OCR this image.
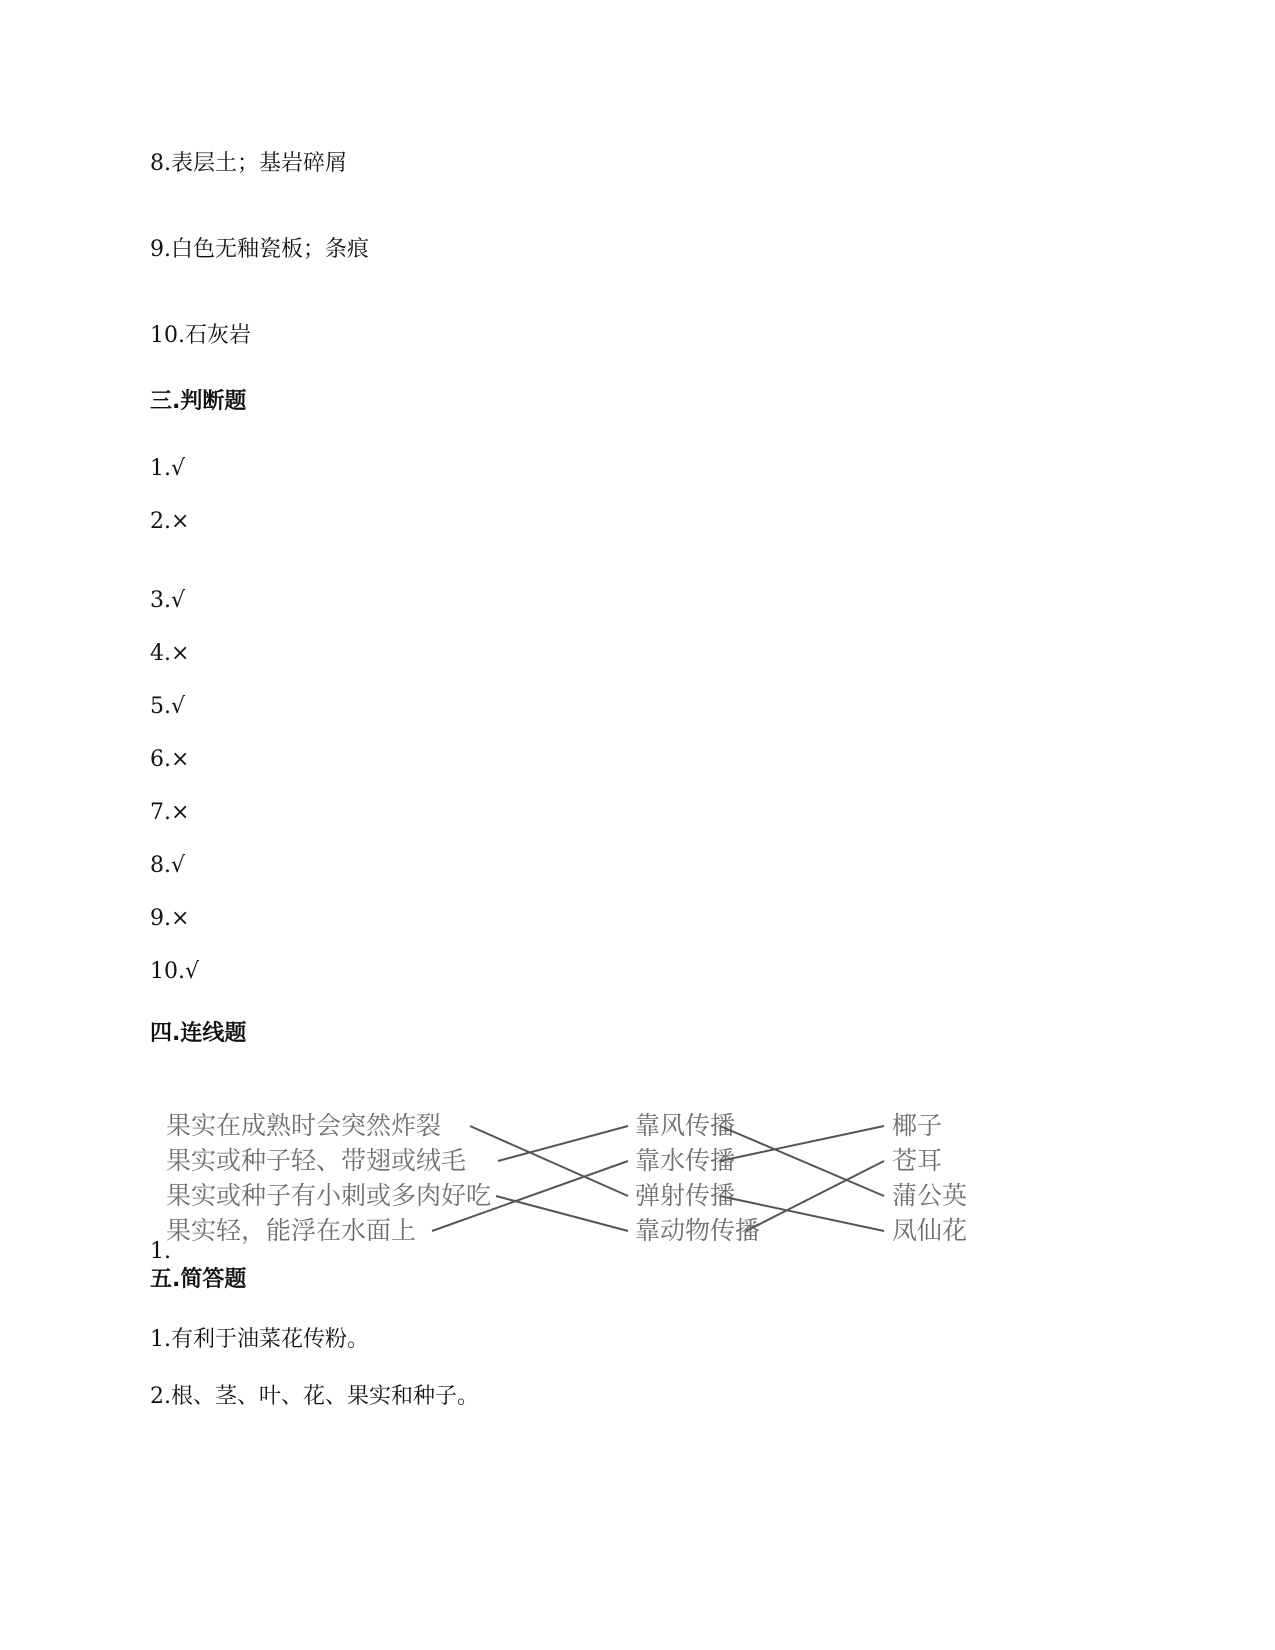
8.表层土；基岩碎屑
9.白色无釉瓷板；条痕
10.石灰岩
三.判断题
1.√
2.×
3.√
4.×
5.√
6.×
7.×
8.√
9.×
10.√
四.连线题
果实在成熟时会突然炸裂
果实或种子轻、带翅或绒毛
果实或种子有小刺或多肉好吃
果实轻，能浮在水面上
靠风传播
靠水传播
弹射传播
靠动物传播
椰子
苍耳
蒲公英
凤仙花
1.
五.简答题
1.有利于油菜花传粉。
2.根、茎、叶、花、果实和种子。
